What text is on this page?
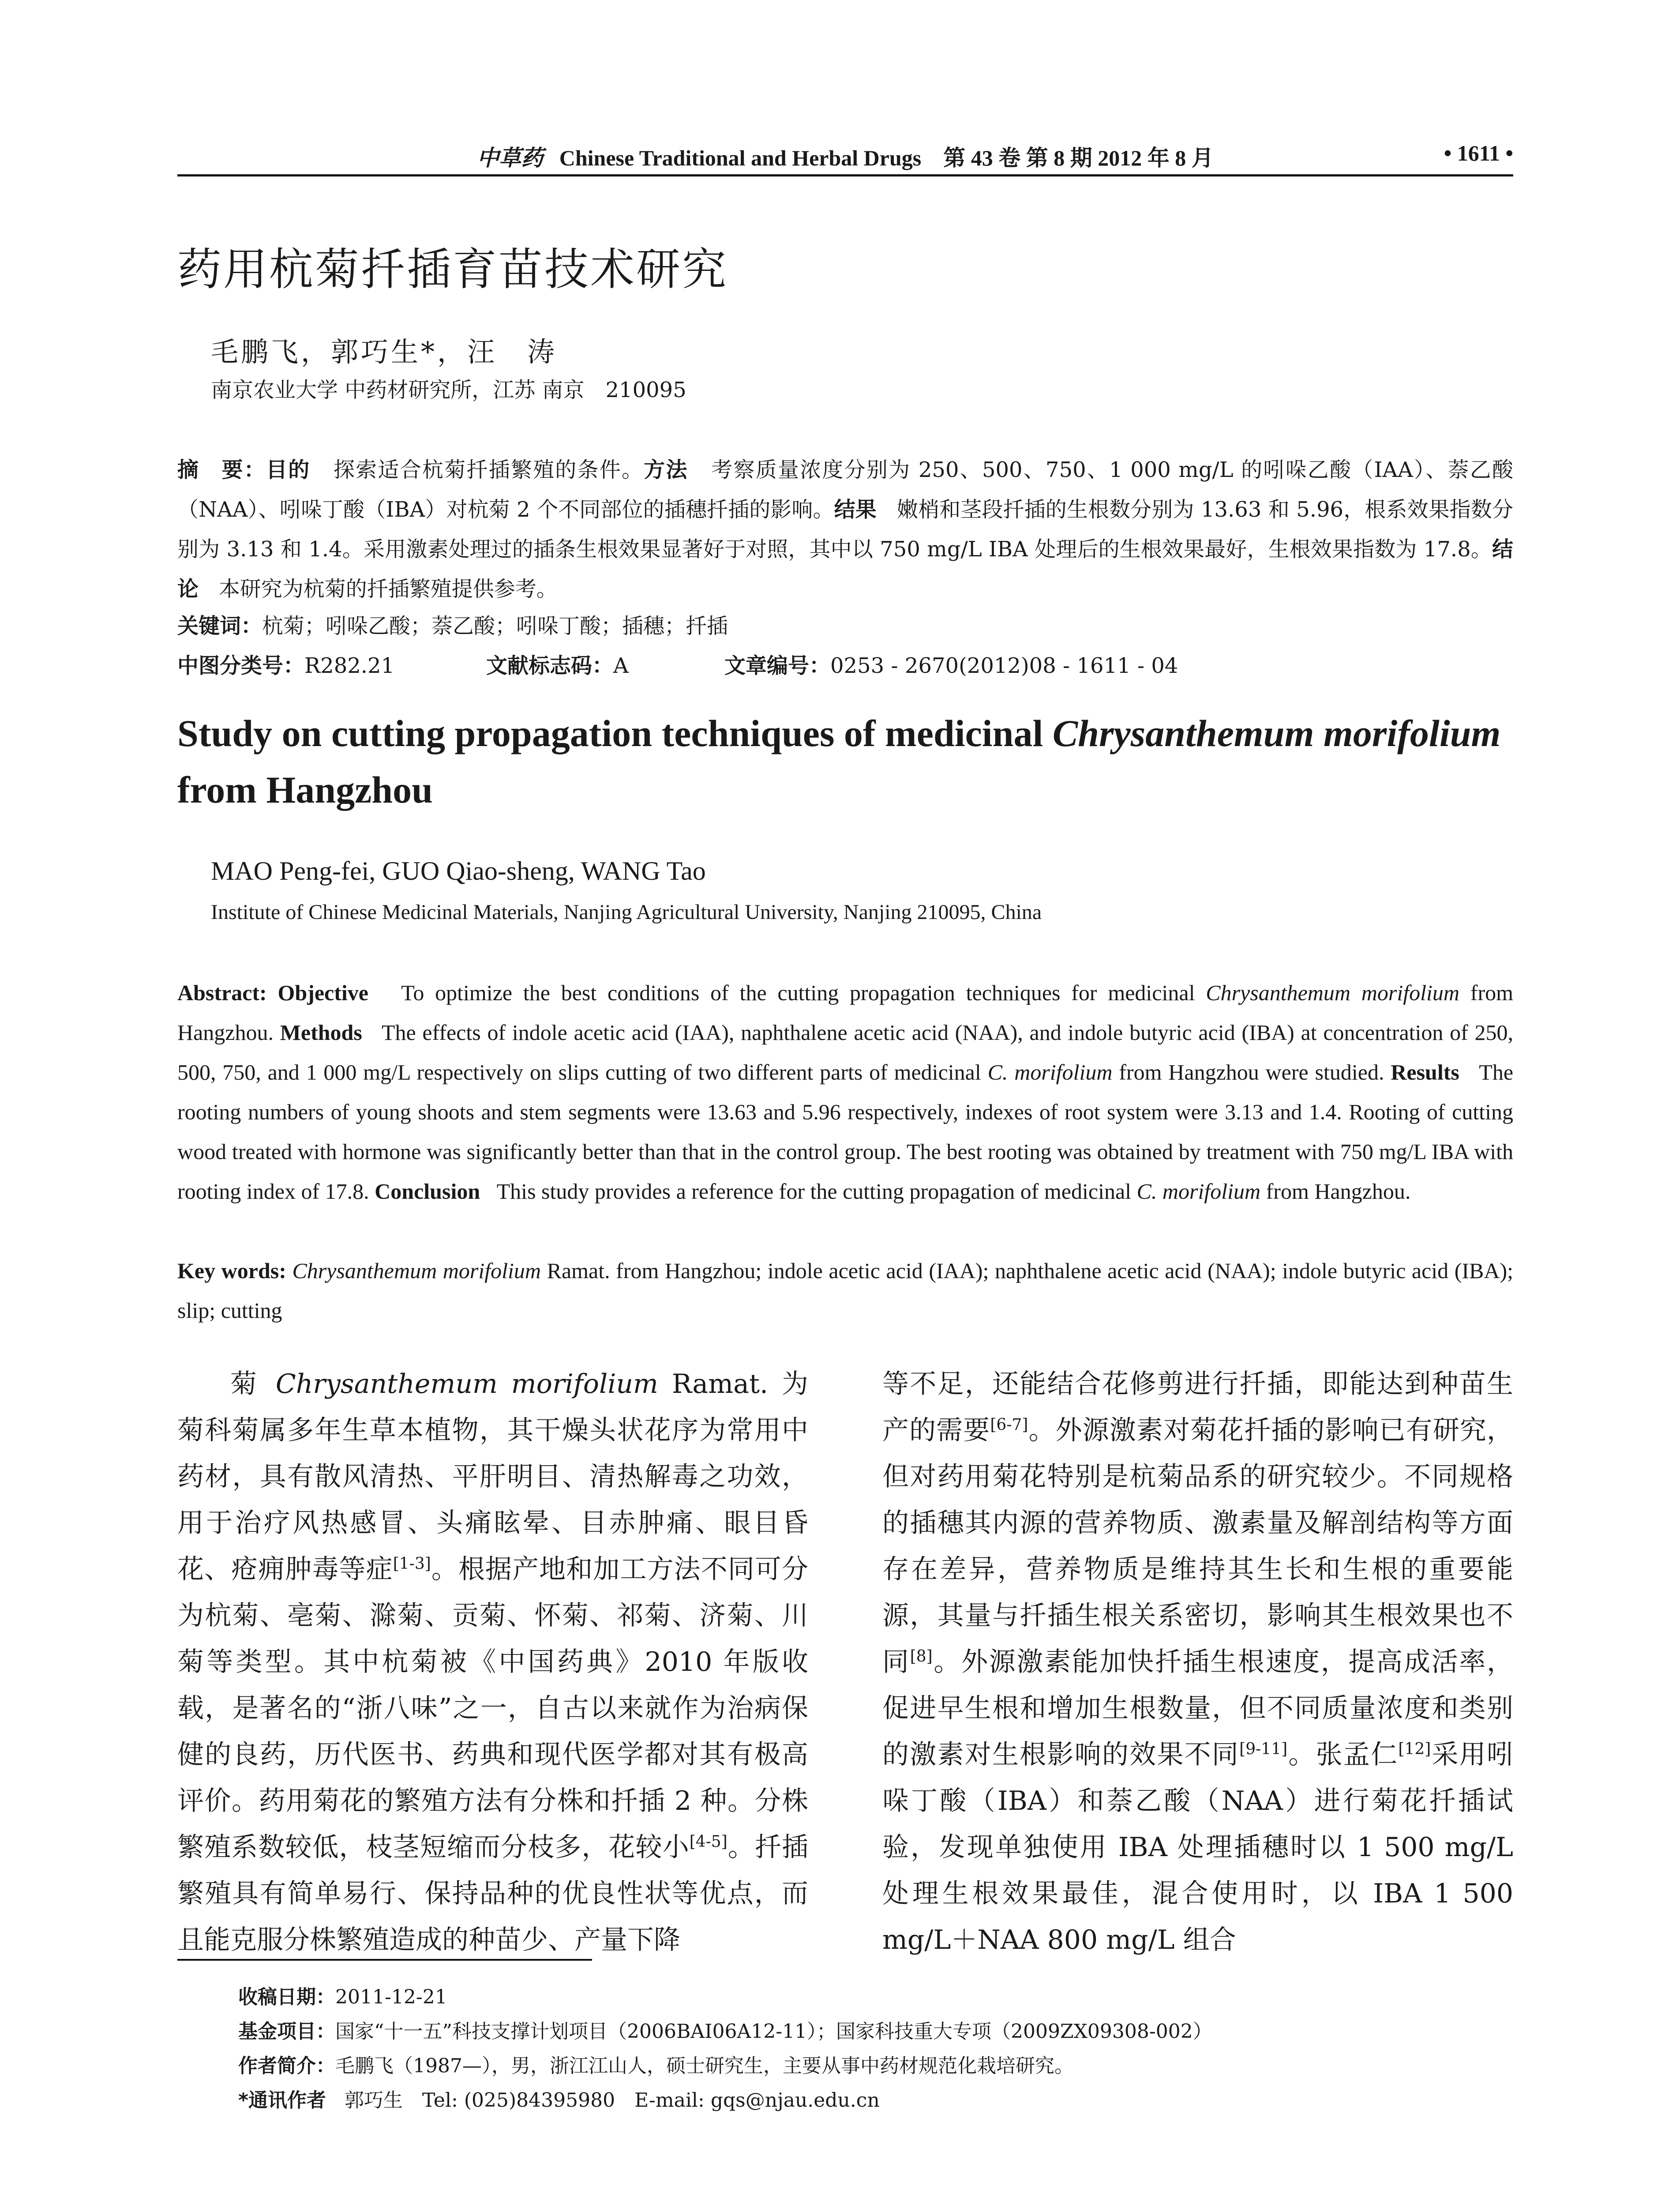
中草药 Chinese Traditional and Herbal Drugs　第 43 卷 第 8 期 2012 年 8 月	• 1611 •
药用杭菊扦插育苗技术研究
毛鹏飞，郭巧生*，汪　涛
南京农业大学 中药材研究所，江苏 南京　210095
摘　要：目的 探索适合杭菊扦插繁殖的条件。方法 考察质量浓度分别为 250、500、750、1 000 mg/L 的吲哚乙酸（IAA）、萘乙酸（NAA）、吲哚丁酸（IBA）对杭菊 2 个不同部位的插穗扦插的影响。结果 嫩梢和茎段扦插的生根数分别为 13.63 和 5.96，根系效果指数分别为 3.13 和 1.4。采用激素处理过的插条生根效果显著好于对照，其中以 750 mg/L IBA 处理后的生根效果最好，生根效果指数为 17.8。结论 本研究为杭菊的扦插繁殖提供参考。
关键词：杭菊；吲哚乙酸；萘乙酸；吲哚丁酸；插穗；扦插
中图分类号：R282.21	文献标志码：A	文章编号：0253 - 2670(2012)08 - 1611 - 04
Study on cutting propagation techniques of medicinal Chrysanthemum morifolium from Hangzhou
MAO Peng-fei, GUO Qiao-sheng, WANG Tao
Institute of Chinese Medicinal Materials, Nanjing Agricultural University, Nanjing 210095, China
Abstract: Objective To optimize the best conditions of the cutting propagation techniques for medicinal Chrysanthemum morifolium from Hangzhou. Methods The effects of indole acetic acid (IAA), naphthalene acetic acid (NAA), and indole butyric acid (IBA) at concentration of 250, 500, 750, and 1 000 mg/L respectively on slips cutting of two different parts of medicinal C. morifolium from Hangzhou were studied. Results The rooting numbers of young shoots and stem segments were 13.63 and 5.96 respectively, indexes of root system were 3.13 and 1.4. Rooting of cutting wood treated with hormone was significantly better than that in the control group. The best rooting was obtained by treatment with 750 mg/L IBA with rooting index of 17.8. Conclusion This study provides a reference for the cutting propagation of medicinal C. morifolium from Hangzhou.
Key words: Chrysanthemum morifolium Ramat. from Hangzhou; indole acetic acid (IAA); naphthalene acetic acid (NAA); indole butyric acid (IBA); slip; cutting

菊 Chrysanthemum morifolium Ramat. 为菊科菊属多年生草本植物，其干燥头状花序为常用中药材，具有散风清热、平肝明目、清热解毒之功效，用于治疗风热感冒、头痛眩晕、目赤肿痛、眼目昏花、疮痈肿毒等症[1-3]。根据产地和加工方法不同可分为杭菊、亳菊、滁菊、贡菊、怀菊、祁菊、济菊、川菊等类型。其中杭菊被《中国药典》2010 年版收载，是著名的“浙八味”之一，自古以来就作为治病保健的良药，历代医书、药典和现代医学都对其有极高评价。药用菊花的繁殖方法有分株和扦插 2 种。分株繁殖系数较低，枝茎短缩而分枝多，花较小[4-5]。扦插繁殖具有简单易行、保持品种的优良性状等优点，而且能克服分株繁殖造成的种苗少、产量下降

等不足，还能结合花修剪进行扦插，即能达到种苗生产的需要[6-7]。外源激素对菊花扦插的影响已有研究，但对药用菊花特别是杭菊品系的研究较少。不同规格的插穗其内源的营养物质、激素量及解剖结构等方面存在差异，营养物质是维持其生长和生根的重要能源，其量与扦插生根关系密切，影响其生根效果也不同[8]。外源激素能加快扦插生根速度，提高成活率，促进早生根和增加生根数量，但不同质量浓度和类别的激素对生根影响的效果不同[9-11]。张孟仁[12]采用吲哚丁酸（IBA）和萘乙酸（NAA）进行菊花扦插试验，发现单独使用 IBA 处理插穗时以 1 500 mg/L 处理生根效果最佳，混合使用时，以 IBA 1 500 mg/L＋NAA 800 mg/L 组合

收稿日期：2011-12-21
基金项目：国家“十一五”科技支撑计划项目（2006BAI06A12-11）；国家科技重大专项（2009ZX09308-002）
作者简介：毛鹏飞（1987—），男，浙江江山人，硕士研究生，主要从事中药材规范化栽培研究。
*通讯作者 郭巧生　Tel: (025)84395980　E-mail: gqs@njau.edu.cn
